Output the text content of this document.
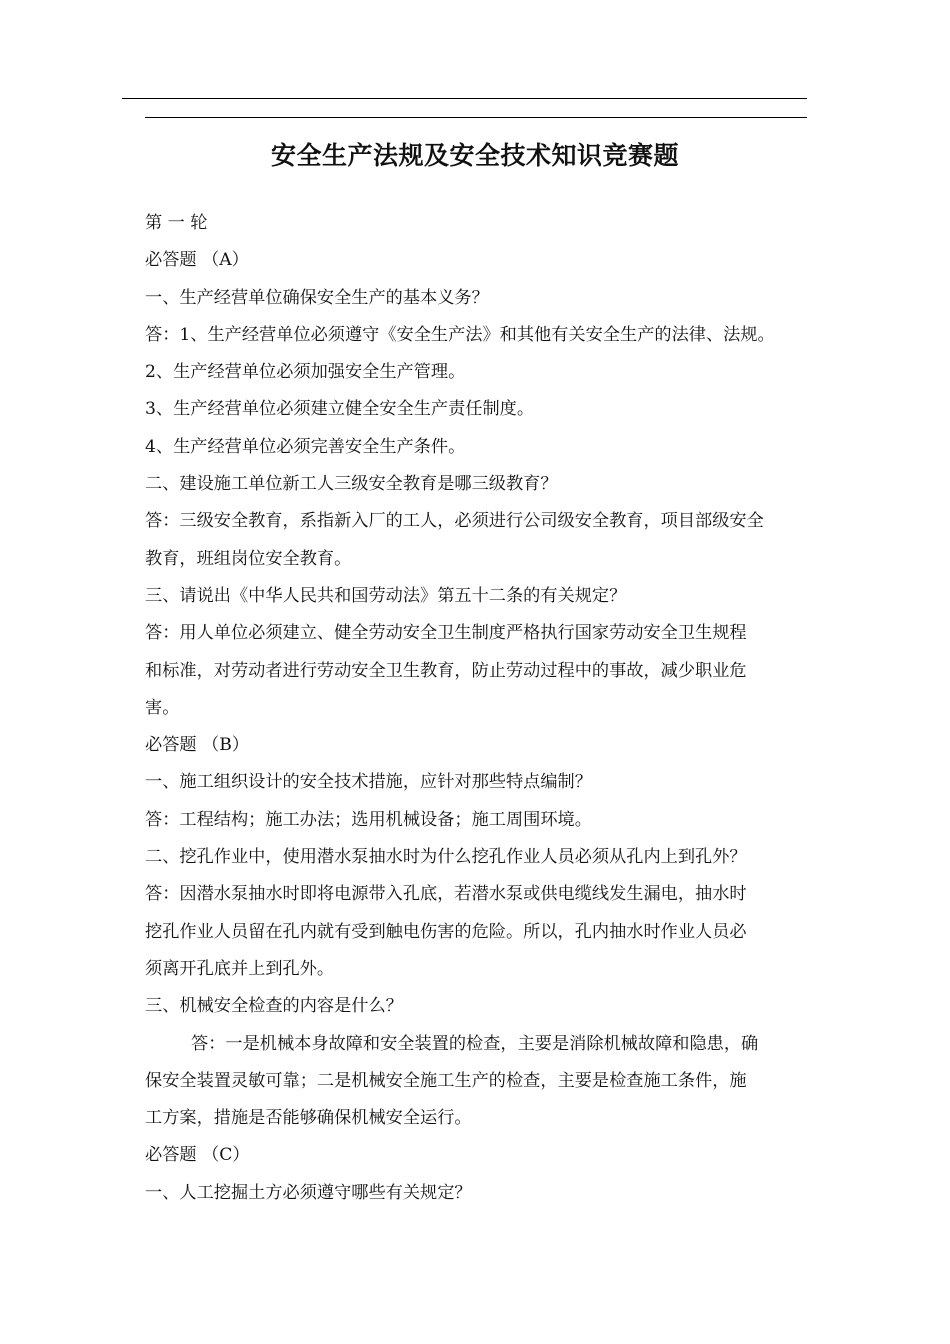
安全生产法规及安全技术知识竞赛题
第 一 轮
必答题 （A）
一、生产经营单位确保安全生产的基本义务？
答：1、生产经营单位必须遵守《安全生产法》和其他有关安全生产的法律、法规。
2、生产经营单位必须加强安全生产管理。
3、生产经营单位必须建立健全安全生产责任制度。
4、生产经营单位必须完善安全生产条件。
二、建设施工单位新工人三级安全教育是哪三级教育？
答：三级安全教育，系指新入厂的工人，必须进行公司级安全教育，项目部级安全
教育，班组岗位安全教育。
三、请说出《中华人民共和国劳动法》第五十二条的有关规定？
答：用人单位必须建立、健全劳动安全卫生制度严格执行国家劳动安全卫生规程
和标准，对劳动者进行劳动安全卫生教育，防止劳动过程中的事故，减少职业危
害。
必答题 （B）
一、施工组织设计的安全技术措施，应针对那些特点编制？
答：工程结构；施工办法；选用机械设备；施工周围环境。
二、挖孔作业中，使用潜水泵抽水时为什么挖孔作业人员必须从孔内上到孔外？
答：因潜水泵抽水时即将电源带入孔底，若潜水泵或供电缆线发生漏电，抽水时
挖孔作业人员留在孔内就有受到触电伤害的危险。所以，孔内抽水时作业人员必
须离开孔底并上到孔外。
三、机械安全检查的内容是什么？
答：一是机械本身故障和安全装置的检查，主要是消除机械故障和隐患，确
保安全装置灵敏可靠；二是机械安全施工生产的检查，主要是检查施工条件，施
工方案，措施是否能够确保机械安全运行。
必答题 （C）
一、人工挖掘土方必须遵守哪些有关规定？
